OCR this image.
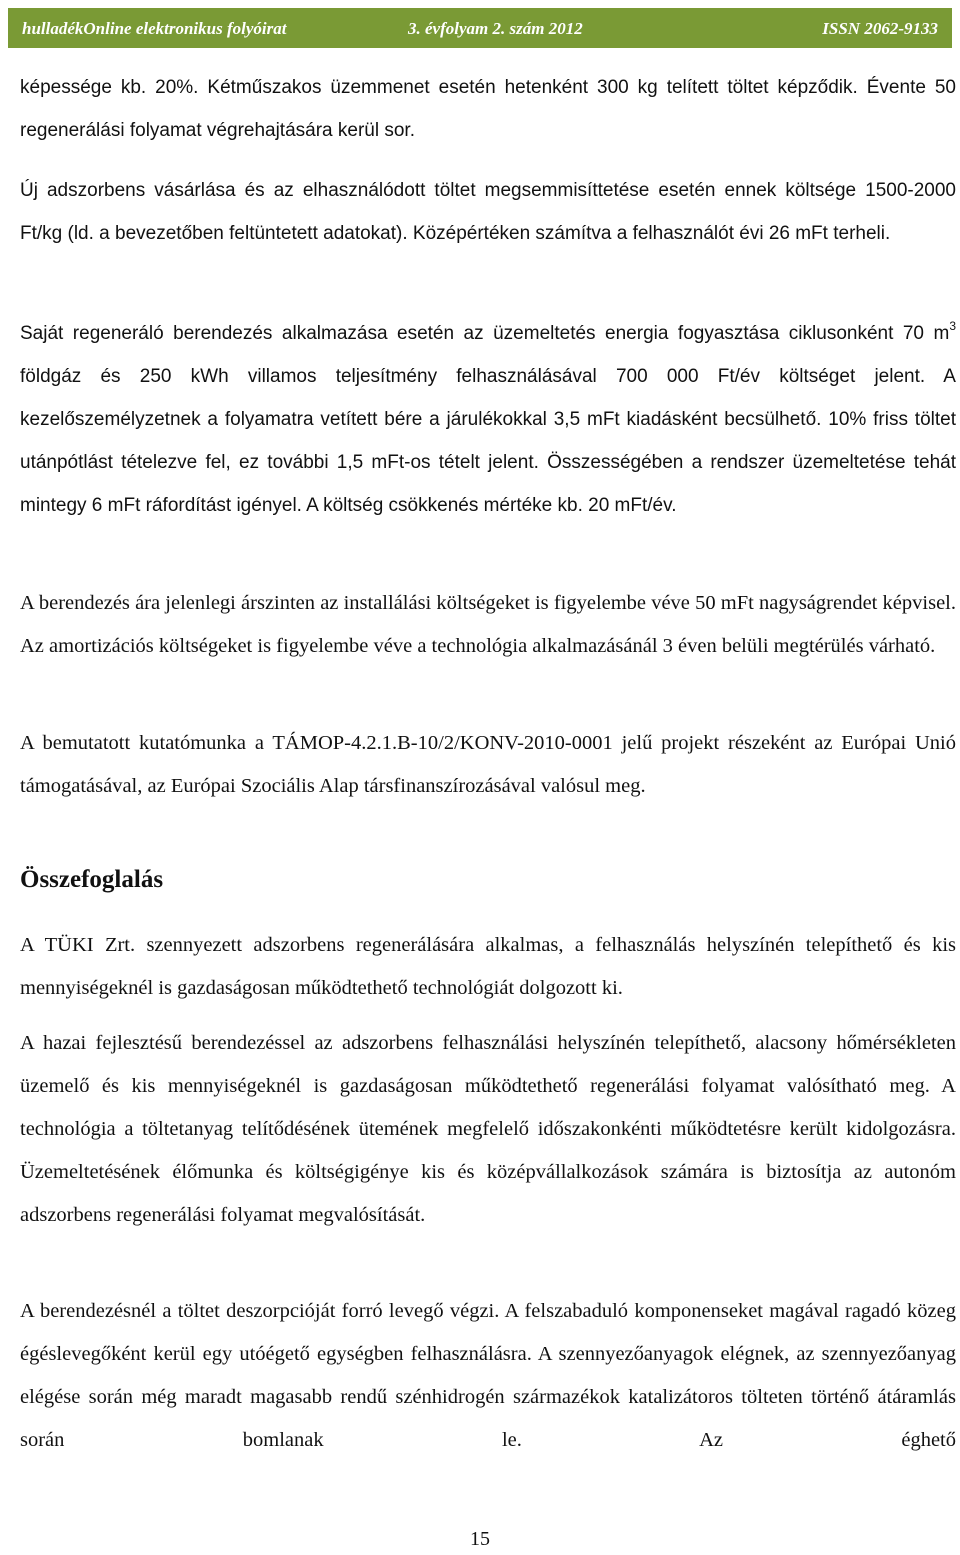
hulladékOnline elektronikus folyóirat	3. évfolyam 2. szám 2012	ISSN 2062-9133

képessége kb. 20%. Kétműszakos üzemmenet esetén hetenként 300 kg telített töltet képződik. Évente 50 regenerálási folyamat végrehajtására kerül sor.

Új adszorbens vásárlása és az elhasználódott töltet megsemmisíttetése esetén ennek költsége 1500-2000 Ft/kg (ld. a bevezetőben feltüntetett adatokat). Középértéken számítva a felhasználót évi 26 mFt terheli.

Saját regeneráló berendezés alkalmazása esetén az üzemeltetés energia fogyasztása ciklusonként 70 $m^3$ földgáz és 250 kWh villamos teljesítmény felhasználásával 700 000 Ft/év költséget jelent. A kezelőszemélyzetnek a folyamatra vetített bére a járulékokkal 3,5 mFt kiadásként becsülhető. 10% friss töltet utánpótlást tételezve fel, ez további 1,5 mFt-os tételt jelent. Összességében a rendszer üzemeltetése tehát mintegy 6 mFt ráfordítást igényel. A költség csökkenés mértéke kb. 20 mFt/év.

A berendezés ára jelenlegi árszinten az installálási költségeket is figyelembe véve 50 mFt nagyságrendet képvisel. Az amortizációs költségeket is figyelembe véve a technológia alkalmazásánál 3 éven belüli megtérülés várható.

A bemutatott kutatómunka a TÁMOP-4.2.1.B-10/2/KONV-2010-0001 jelű projekt részeként az Európai Unió támogatásával, az Európai Szociális Alap társfinanszírozásával valósul meg.

Összefoglalás

A TÜKI Zrt. szennyezett adszorbens regenerálására alkalmas, a felhasználás helyszínén telepíthető és kis mennyiségeknél is gazdaságosan működtethető technológiát dolgozott ki.

A hazai fejlesztésű berendezéssel az adszorbens felhasználási helyszínén telepíthető, alacsony hőmérsékleten üzemelő és kis mennyiségeknél is gazdaságosan működtethető regenerálási folyamat valósítható meg. A technológia a töltetanyag telítődésének ütemének megfelelő időszakonkénti működtetésre került kidolgozásra. Üzemeltetésének élőmunka és költségigénye kis és középvállalkozások számára is biztosítja az autonóm adszorbens regenerálási folyamat megvalósítását.

A berendezésnél a töltet deszorpcióját forró levegő végzi. A felszabaduló komponenseket magával ragadó közeg égéslevegőként kerül egy utóégető egységben felhasználásra. A szennyezőanyagok elégnek, az szennyezőanyag elégése során még maradt magasabb rendű szénhidrogén származékok katalizátoros tölteten történő átáramlás során bomlanak le. Az éghető

15
